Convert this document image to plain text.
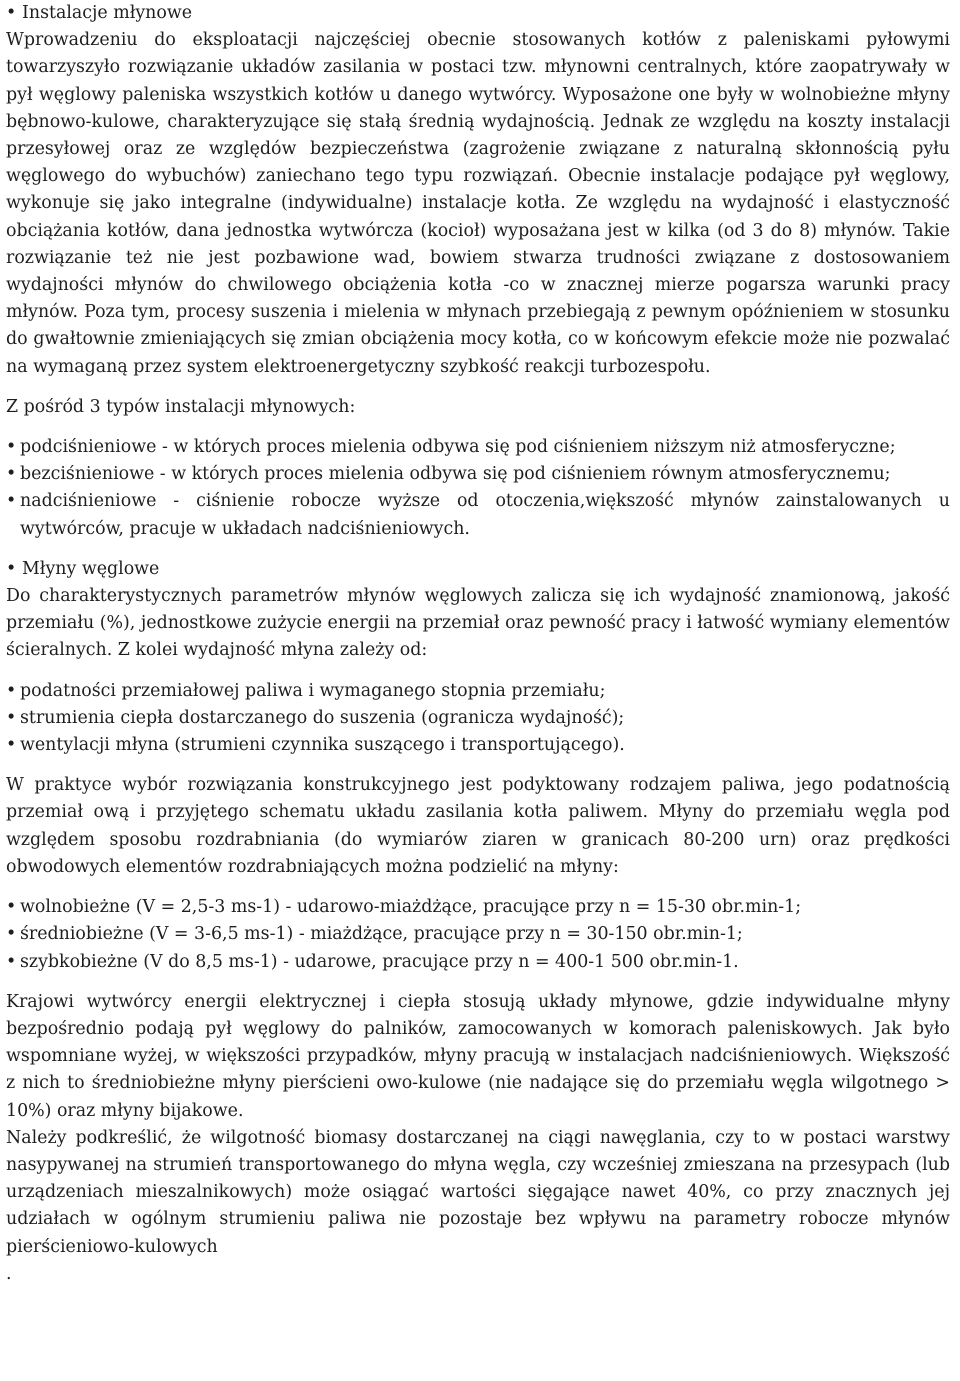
• Instalacje młynowe

Wprowadzeniu do eksploatacji najczęściej obecnie stosowanych kotłów z paleniskami pyłowymi towarzyszyło rozwiązanie układów zasilania w postaci tzw. młynowni centralnych, które zaopatrywały w pył węglowy paleniska wszystkich kotłów u danego wytwórcy. Wyposażone one były w wolnobieżne młyny bębnowo-kulowe, charakteryzujące się stałą średnią wydajnością. Jednak ze względu na koszty instalacji przesyłowej oraz ze względów bezpieczeństwa (zagrożenie związane z naturalną skłonnością pyłu węglowego do wybuchów) zaniechano tego typu rozwiązań. Obecnie instalacje podające pył węglowy, wykonuje się jako integralne (indywidualne) instalacje kotła. Ze względu na wydajność i elastyczność obciążania kotłów, dana jednostka wytwórcza (kocioł) wyposażana jest w kilka (od 3 do 8) młynów. Takie rozwiązanie też nie jest pozbawione wad, bowiem stwarza trudności związane z dostosowaniem wydajności młynów do chwilowego obciążenia kotła -co w znacznej mierze pogarsza warunki pracy młynów. Poza tym, procesy suszenia i mielenia w młynach przebiegają z pewnym opóźnieniem w stosunku do gwałtownie zmieniających się zmian obciążenia mocy kotła, co w końcowym efekcie może nie pozwalać na wymaganą przez system elektroenergetyczny szybkość reakcji turbozespołu.

Z pośród 3 typów instalacji młynowych:

• podciśnieniowe - w których proces mielenia odbywa się pod ciśnieniem niższym niż atmosferyczne;
• bezciśnieniowe - w których proces mielenia odbywa się pod ciśnieniem równym atmosferycznemu;
• nadciśnieniowe - ciśnienie robocze wyższe od otoczenia,większość młynów zainstalowanych u wytwórców, pracuje w układach nadciśnieniowych.
• Młyny węglowe

Do charakterystycznych parametrów młynów węglowych zalicza się ich wydajność znamionową, jakość przemiału (%), jednostkowe zużycie energii na przemiał oraz pewność pracy i łatwość wymiany elementów ścieralnych. Z kolei wydajność młyna zależy od:

• podatności przemiałowej paliwa i wymaganego stopnia przemiału;
• strumienia ciepła dostarczanego do suszenia (ogranicza wydajność);
• wentylacji młyna (strumieni czynnika suszącego i transportującego).

W praktyce wybór rozwiązania konstrukcyjnego jest podyktowany rodzajem paliwa, jego podatnością przemiał ową i przyjętego schematu układu zasilania kotła paliwem. Młyny do przemiału węgla pod względem sposobu rozdrabniania (do wymiarów ziaren w granicach 80-200 urn) oraz prędkości obwodowych elementów rozdrabniających można podzielić na młyny:

• wolnobieżne (V = 2,5-3 ms-1) - udarowo-miażdżące, pracujące przy n = 15-30 obr.min-1;
• średniobieżne (V = 3-6,5 ms-1) - miażdżące, pracujące przy n = 30-150 obr.min-1;
• szybkobieżne (V do 8,5 ms-1) - udarowe, pracujące przy n = 400-1 500 obr.min-1.

Krajowi wytwórcy energii elektrycznej i ciepła stosują układy młynowe, gdzie indywidualne młyny bezpośrednio podają pył węglowy do palników, zamocowanych w komorach paleniskowych. Jak było wspomniane wyżej, w większości przypadków, młyny pracują w instalacjach nadciśnieniowych. Większość z nich to średniobieżne młyny pierścieni owo-kulowe (nie nadające się do przemiału węgla wilgotnego > 10%) oraz młyny bijakowe.

Należy podkreślić, że wilgotność biomasy dostarczanej na ciągi nawęglania, czy to w postaci warstwy nasypywanej na strumień transportowanego do młyna węgla, czy wcześniej zmieszana na przesypach (lub urządzeniach mieszalnikowych) może osiągać wartości sięgające nawet 40%, co przy znacznych jej udziałach w ogólnym strumieniu paliwa nie pozostaje bez wpływu na parametry robocze młynów pierścieniowo-kulowych

.
